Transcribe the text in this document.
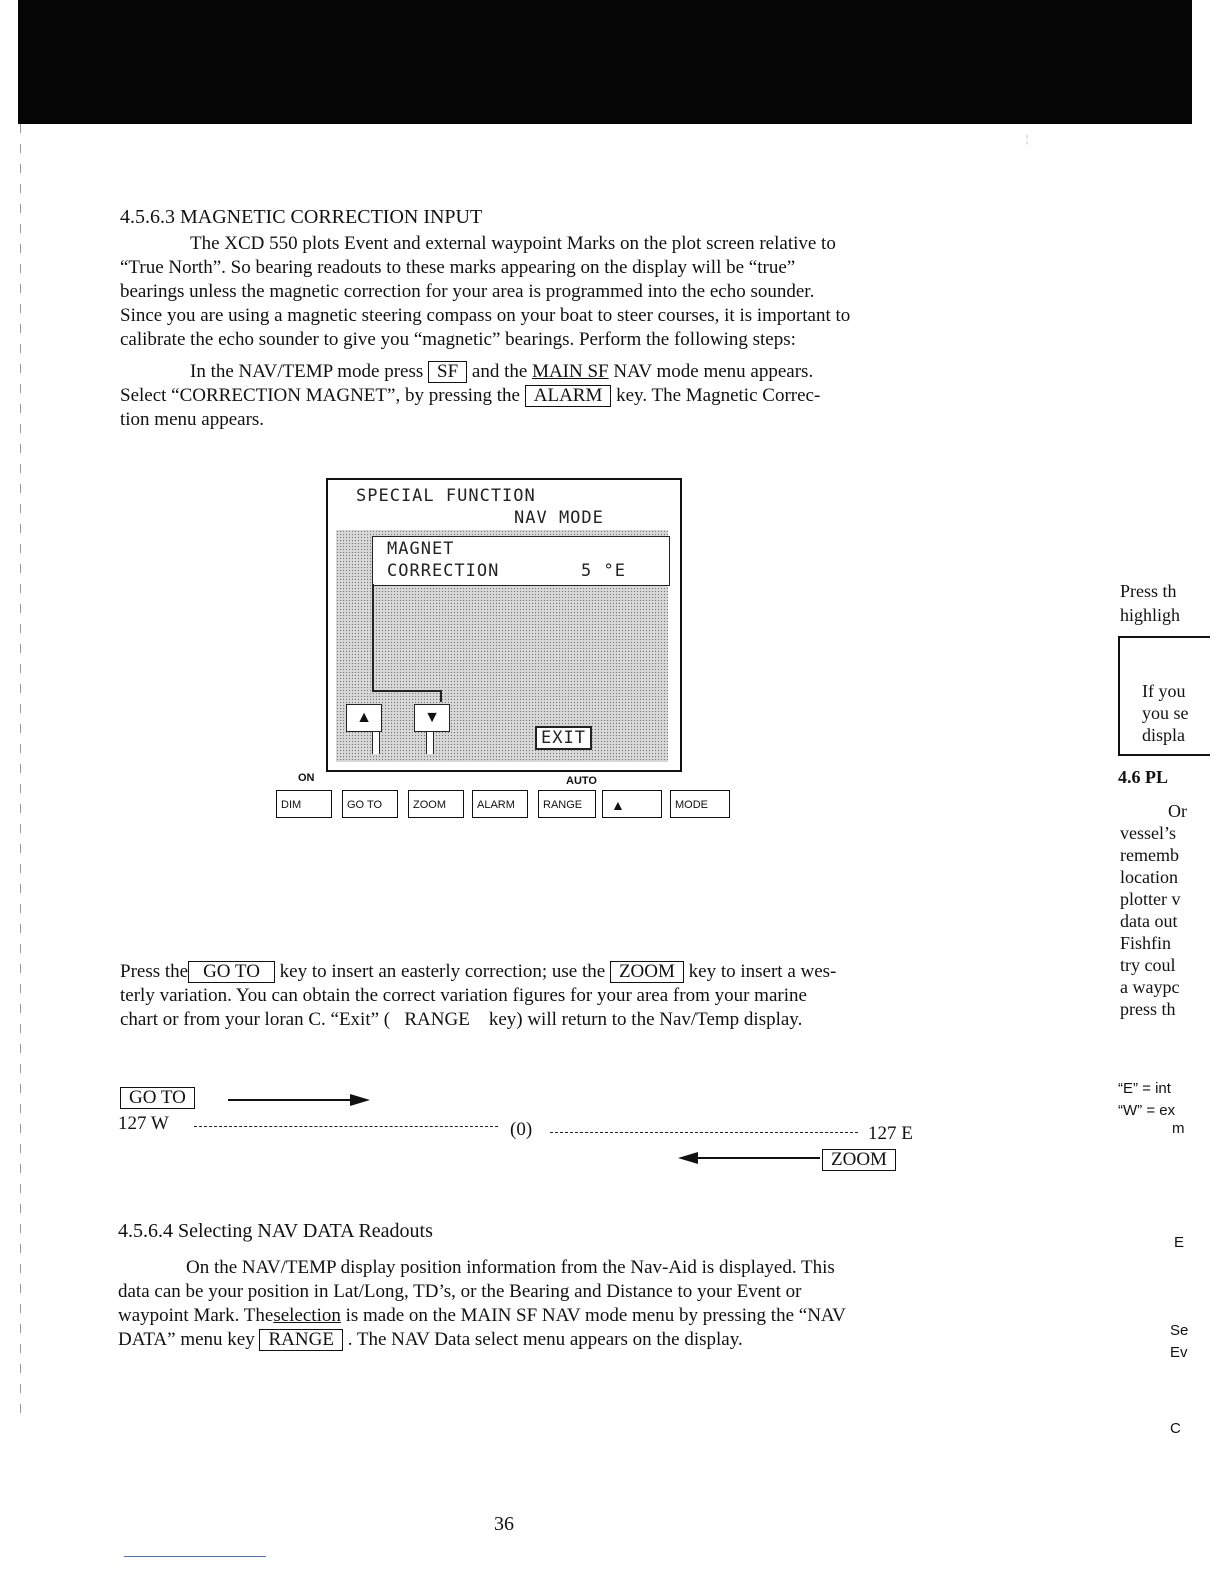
¦
4.5.6.3 MAGNETIC CORRECTION INPUT
The XCD 550 plots Event and external waypoint Marks on the plot screen relative to
“True North”. So bearing readouts to these marks appearing on the display will be “true”
bearings unless the magnetic correction for your area is programmed into the echo sounder.
Since you are using a magnetic steering compass on your boat to steer courses, it is important to
calibrate the echo sounder to give you “magnetic” bearings. Perform the following steps:
In the NAV/TEMP mode press SF and the MAIN SF NAV mode menu appears.
Select “CORRECTION MAGNET”, by pressing the ALARM key. The Magnetic Correc-
tion menu appears.
SPECIAL FUNCTION
NAV MODE
MAGNET
CORRECTION	5 °E
▲	▼
EXIT
ON	AUTO
DIM	GO TO	ZOOM	ALARM	RANGE	▲	MODE
Press the GO TO key to insert an easterly correction; use the ZOOM key to insert a wes-
terly variation. You can obtain the correct variation figures for your area from your marine
chart or from your loran C. “Exit” (   RANGE    key) will return to the Nav/Temp display.
GO TO
127 W	(0)	127 E
ZOOM
4.5.6.4 Selecting NAV DATA Readouts
On the NAV/TEMP display position information from the Nav-Aid is displayed. This
data can be your position in Lat/Long, TD’s, or the Bearing and Distance to your Event or
waypoint Mark. Theselection is made on the MAIN SF NAV mode menu by pressing the “NAV
DATA” menu key RANGE . The NAV Data select menu appears on the display.
36
Press th
highligh
If you
you se
displa
4.6 PL
Or
vessel’s
rememb
location
plotter v
data out
Fishfin
try coul
a waypc
press th
“E” = int
“W” = ex
m
E
Se
Ev
C
